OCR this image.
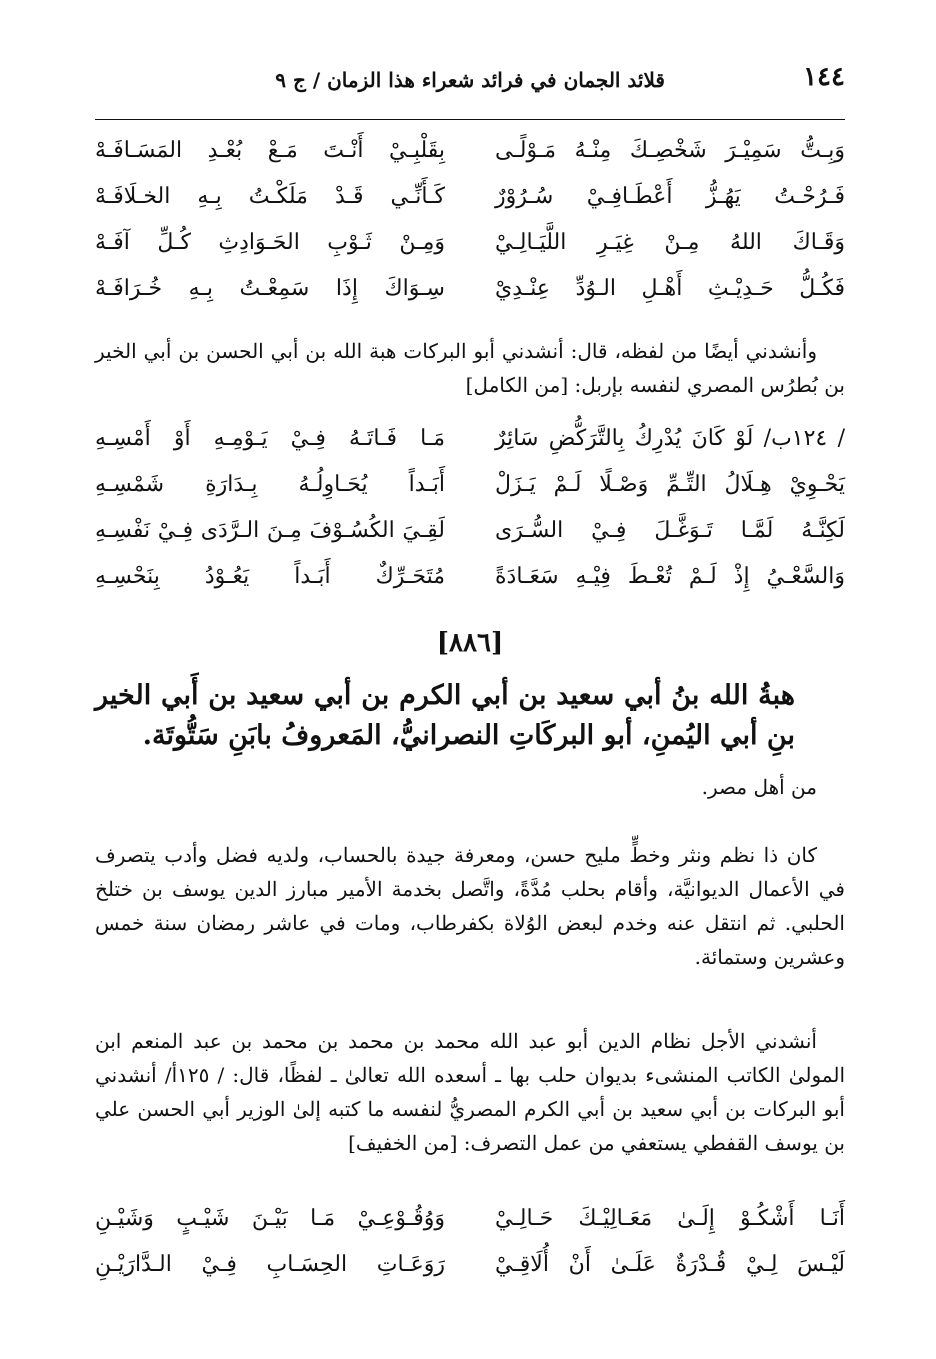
١٤٤
قلائد الجمان في فرائد شعراء هذا الزمان / ج ٩
وَبِـتُّ سَمِيْـرَ شَخْصِـكَ مِنْـهُ مَـوْلًـى
بِقَلْبِـيْ أَنْـتَ مَـعْ بُعْـدِ المَسَـافَـهْ
فَـرُحْـتُ يَهُـزُّ أَعْطَـافِـيْ سُـرُوْرٌ
كَـأَنِّـي قَـدْ مَلَكْـتُ بِـهِ الخـلَافَـهْ
وَقَـاكَ اللهُ مِـنْ غِيَـرِ اللَّيَـالِـيْ
وَمِـنْ ثَـوْبِ الحَـوَادِثِ كُـلِّ آفَـهْ
فَكُـلُّ حَـدِيْـثِ أَهْـلِ الـوُدِّ عِنْـدِيْ
سِـوَاكَ إِذَا سَمِعْـتُ بِـهِ خُـرَافَـهْ

وأنشدني أيضًا من لفظه، قال: أنشدني أبو البركات هبة الله بن أبي الحسن بن أبي الخير بن بُطرُس المصري لنفسه بإربل: [من الكامل]

/ ١٢٤ب/ لَوْ كَانَ يُدْرِكُ بِالتَّرَكُّضِ سَائِرٌ
مَـا فَـاتَـهُ فِـيْ يَـوْمِـهِ أَوْ أَمْسِـهِ
يَحْـوِيْ هِـلَالُ التِّـمِّ وَصْـلًا لَـمْ يَـزَلْ
أَبَـداً يُحَـاوِلُـهُ بِـدَارَةِ شَمْسِـهِ
لَكِنَّـهُ لَمَّـا تَـوَغَّـلَ فِـيْ السُّـرَى
لَقِـيَ الكُسُـوْفَ مِـنَ الـرَّدَى فِـيْ نَفْسِـهِ
وَالسَّعْـيُ إِذْ لَـمْ تُعْـطَ فِيْـهِ سَعَـادَةً
مُتَحَـرِّكٌ أَبَـداً يَعُـوْدُ بِنَحْسِـهِ
[٨٨٦]

هبةُ الله بنُ أبي سعيد بن أبي الكرم بن أبي سعيد بن أَبي الخير بنِ أبي اليُمنِ، أبو البركَاتِ النصرانيُّ، المَعروفُ بابَنِ سَتُّوتَة.

من أهل مصر.

كان ذا نظم ونثر وخطٍّ مليح حسن، ومعرفة جيدة بالحساب، ولديه فضل وأدب يتصرف في الأعمال الديوانيَّة، وأقام بحلب مُدَّةً، واتَّصل بخدمة الأمير مبارز الدين يوسف بن ختلخ الحلبي. ثم انتقل عنه وخدم لبعض الوُلاة بكفرطاب، ومات في عاشر رمضان سنة خمس وعشرين وستمائة.

أنشدني الأجل نظام الدين أبو عبد الله محمد بن محمد بن محمد بن عبد المنعم ابن المولىٰ الكاتب المنشىء بديوان حلب بها ـ أسعده الله تعالىٰ ـ لفظًا، قال: / ١٢٥أ/ أنشدني أبو البركات بن أبي سعيد بن أبي الكرم المصريُّ لنفسه ما كتبه إلىٰ الوزير أبي الحسن علي بن يوسف القفطي يستعفي من عمل التصرف: [من الخفيف]

أَنَـا أَشْكُـوْ إِلَـىٰ مَعَـالِيْـكَ حَـالِـيْ
وَوُقُـوْعِـيْ مَـا بَيْـنَ شَيْـبٍ وَشَيْـنِ
لَيْـسَ لِـيْ قُـدْرَةٌ عَلَـىٰ أَنْ أُلَاقِـيْ
رَوَعَـاتِ الحِسَـابِ فِـيْ الـدَّارَيْـنِ
